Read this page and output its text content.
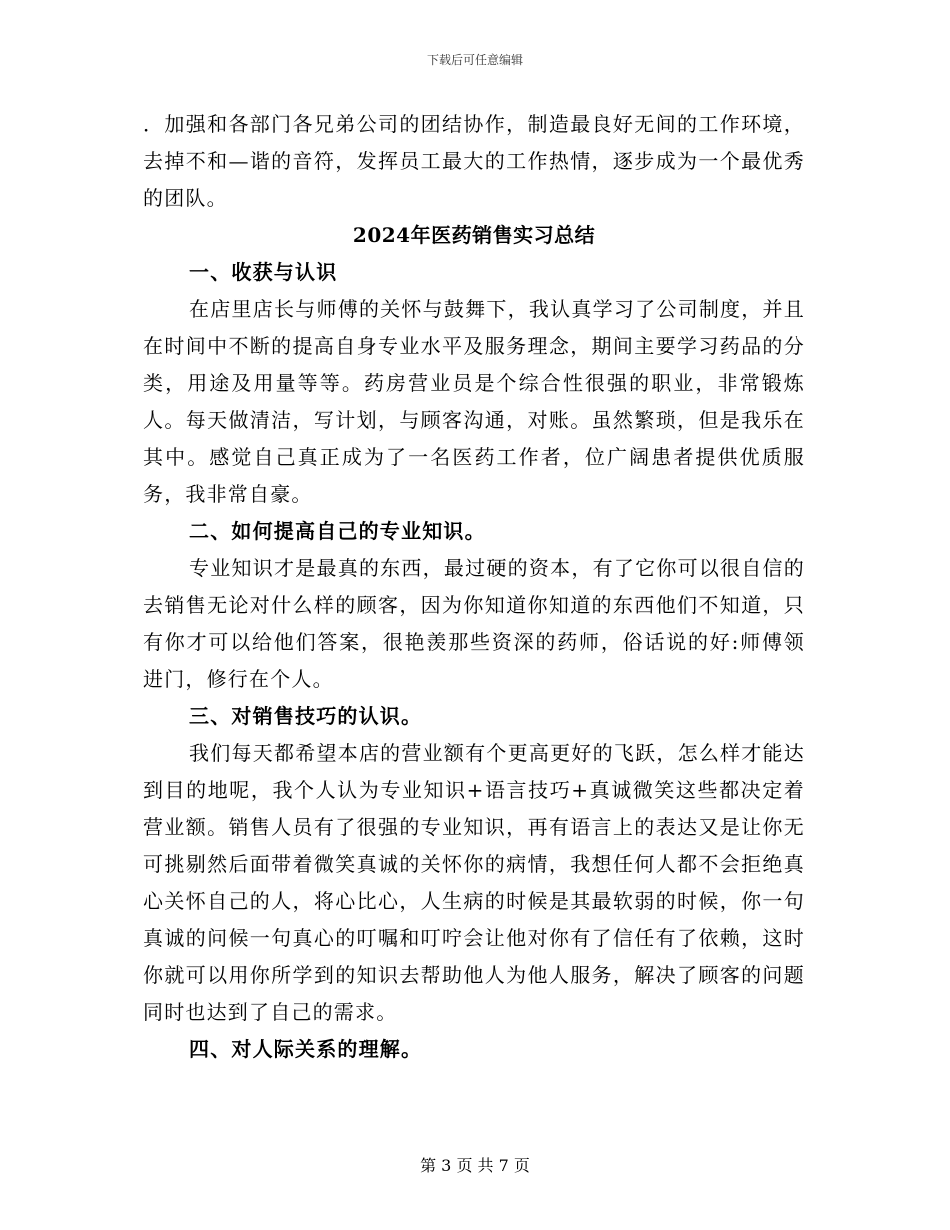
下载后可任意编辑

．加强和各部门各兄弟公司的团结协作，制造最良好无间的工作环境，去掉不和—谐的音符，发挥员工最大的工作热情，逐步成为一个最优秀的团队。

2024年医药销售实习总结

一、收获与认识

在店里店长与师傅的关怀与鼓舞下，我认真学习了公司制度，并且在时间中不断的提高自身专业水平及服务理念，期间主要学习药品的分类，用途及用量等等。药房营业员是个综合性很强的职业，非常锻炼人。每天做清洁，写计划，与顾客沟通，对账。虽然繁琐，但是我乐在其中。感觉自己真正成为了一名医药工作者，位广阔患者提供优质服务，我非常自豪。

二、如何提高自己的专业知识。

专业知识才是最真的东西，最过硬的资本，有了它你可以很自信的去销售无论对什么样的顾客，因为你知道你知道的东西他们不知道，只有你才可以给他们答案，很艳羡那些资深的药师，俗话说的好:师傅领进门，修行在个人。

三、对销售技巧的认识。

我们每天都希望本店的营业额有个更高更好的飞跃，怎么样才能达到目的地呢，我个人认为专业知识+语言技巧+真诚微笑这些都决定着营业额。销售人员有了很强的专业知识，再有语言上的表达又是让你无可挑剔然后面带着微笑真诚的关怀你的病情，我想任何人都不会拒绝真心关怀自己的人，将心比心，人生病的时候是其最软弱的时候，你一句真诚的问候一句真心的叮嘱和叮咛会让他对你有了信任有了依赖，这时你就可以用你所学到的知识去帮助他人为他人服务，解决了顾客的问题同时也达到了自己的需求。

四、对人际关系的理解。

第 3 页 共 7 页
